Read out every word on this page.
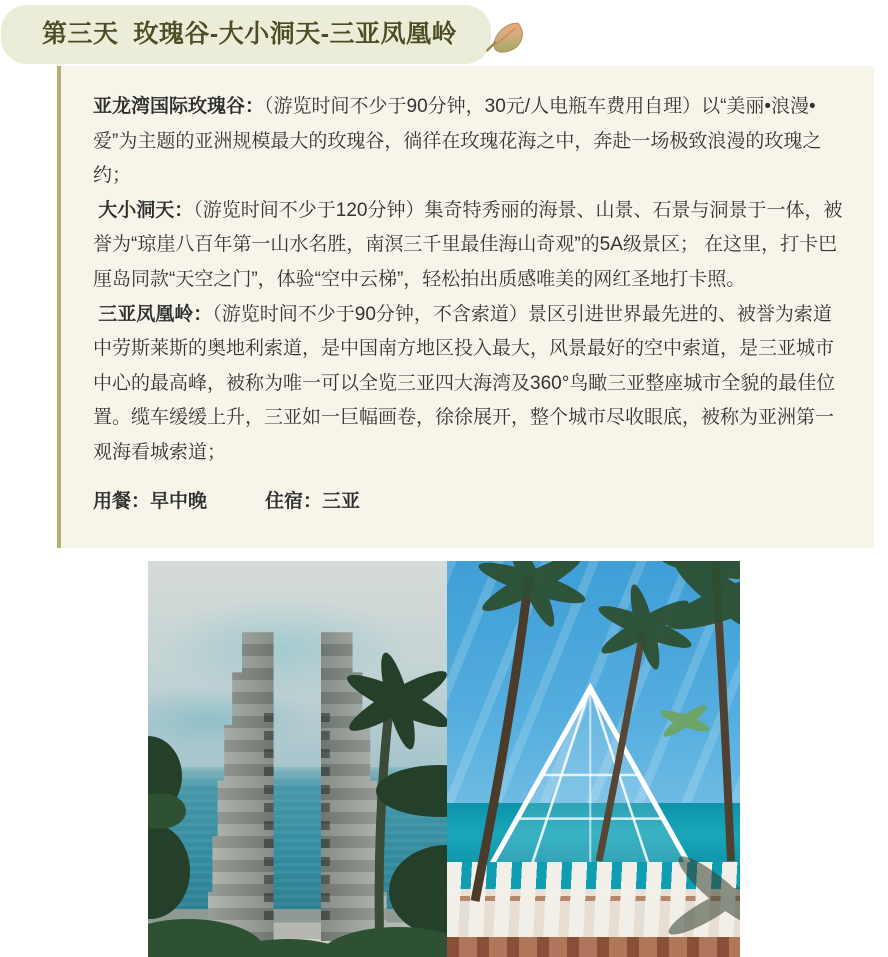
第三天  玫瑰谷-大小洞天-三亚凤凰岭

亚龙湾国际玫瑰谷：（游览时间不少于90分钟，30元/人电瓶车费用自理）以“美丽•浪漫•爱”为主题的亚洲规模最大的玫瑰谷，徜徉在玫瑰花海之中，奔赴一场极致浪漫的玫瑰之约；

大小洞天：（游览时间不少于120分钟）集奇特秀丽的海景、山景、石景与洞景于一体，被誉为“琼崖八百年第一山水名胜，南溟三千里最佳海山奇观”的5A级景区； 在这里，打卡巴厘岛同款“天空之门”，体验“空中云梯”，轻松拍出质感唯美的网红圣地打卡照。

三亚凤凰岭：（游览时间不少于90分钟，不含索道）景区引进世界最先进的、被誉为索道中劳斯莱斯的奥地利索道，是中国南方地区投入最大，风景最好的空中索道，是三亚城市中心的最高峰，被称为唯一可以全览三亚四大海湾及360°鸟瞰三亚整座城市全貌的最佳位置。缆车缓缓上升，三亚如一巨幅画卷，徐徐展开，整个城市尽收眼底，被称为亚洲第一观海看城索道；

用餐：早中晚	住宿：三亚
